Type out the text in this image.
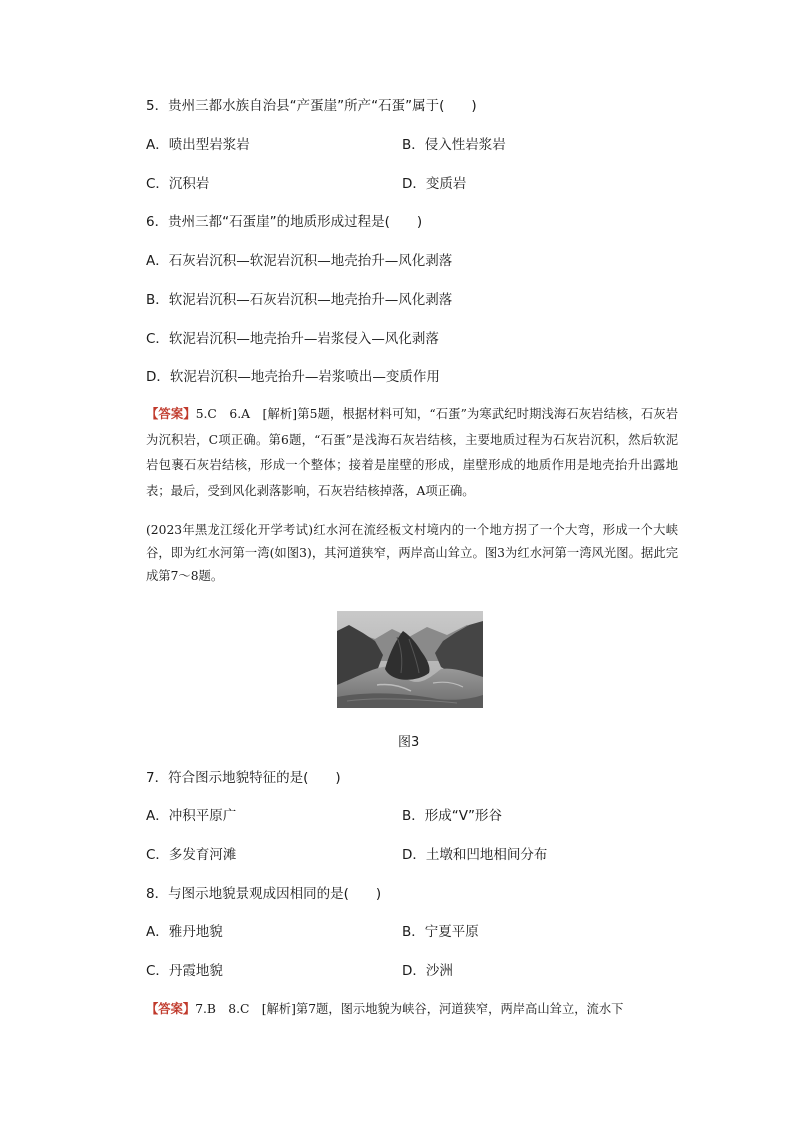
5．贵州三都水族自治县“产蛋崖”所产“石蛋”属于(　　)
A．喷出型岩浆岩	B．侵入性岩浆岩
C．沉积岩	D．变质岩
6．贵州三都“石蛋崖”的地质形成过程是(　　)
A．石灰岩沉积—软泥岩沉积—地壳抬升—风化剥落
B．软泥岩沉积—石灰岩沉积—地壳抬升—风化剥落
C．软泥岩沉积—地壳抬升—岩浆侵入—风化剥落
D．软泥岩沉积—地壳抬升—岩浆喷出—变质作用
【答案】5.C　6.A　[解析]第5题，根据材料可知，“石蛋”为寒武纪时期浅海石灰岩结核，石灰岩为沉积岩，C项正确。第6题，“石蛋”是浅海石灰岩结核，主要地质过程为石灰岩沉积，然后软泥岩包裹石灰岩结核，形成一个整体；接着是崖壁的形成，崖壁形成的地质作用是地壳抬升出露地表；最后，受到风化剥落影响，石灰岩结核掉落，A项正确。
(2023年黑龙江绥化开学考试)红水河在流经板文村境内的一个地方拐了一个大弯，形成一个大峡谷，即为红水河第一湾(如图3)，其河道狭窄，两岸高山耸立。图3为红水河第一湾风光图。据此完成第7～8题。
图3
7．符合图示地貌特征的是(　　)
A．冲积平原广	B．形成“V”形谷
C．多发育河滩	D．土墩和凹地相间分布
8．与图示地貌景观成因相同的是(　　)
A．雅丹地貌	B．宁夏平原
C．丹霞地貌	D．沙洲
【答案】7.B　8.C　[解析]第7题，图示地貌为峡谷，河道狭窄，两岸高山耸立，流水下
